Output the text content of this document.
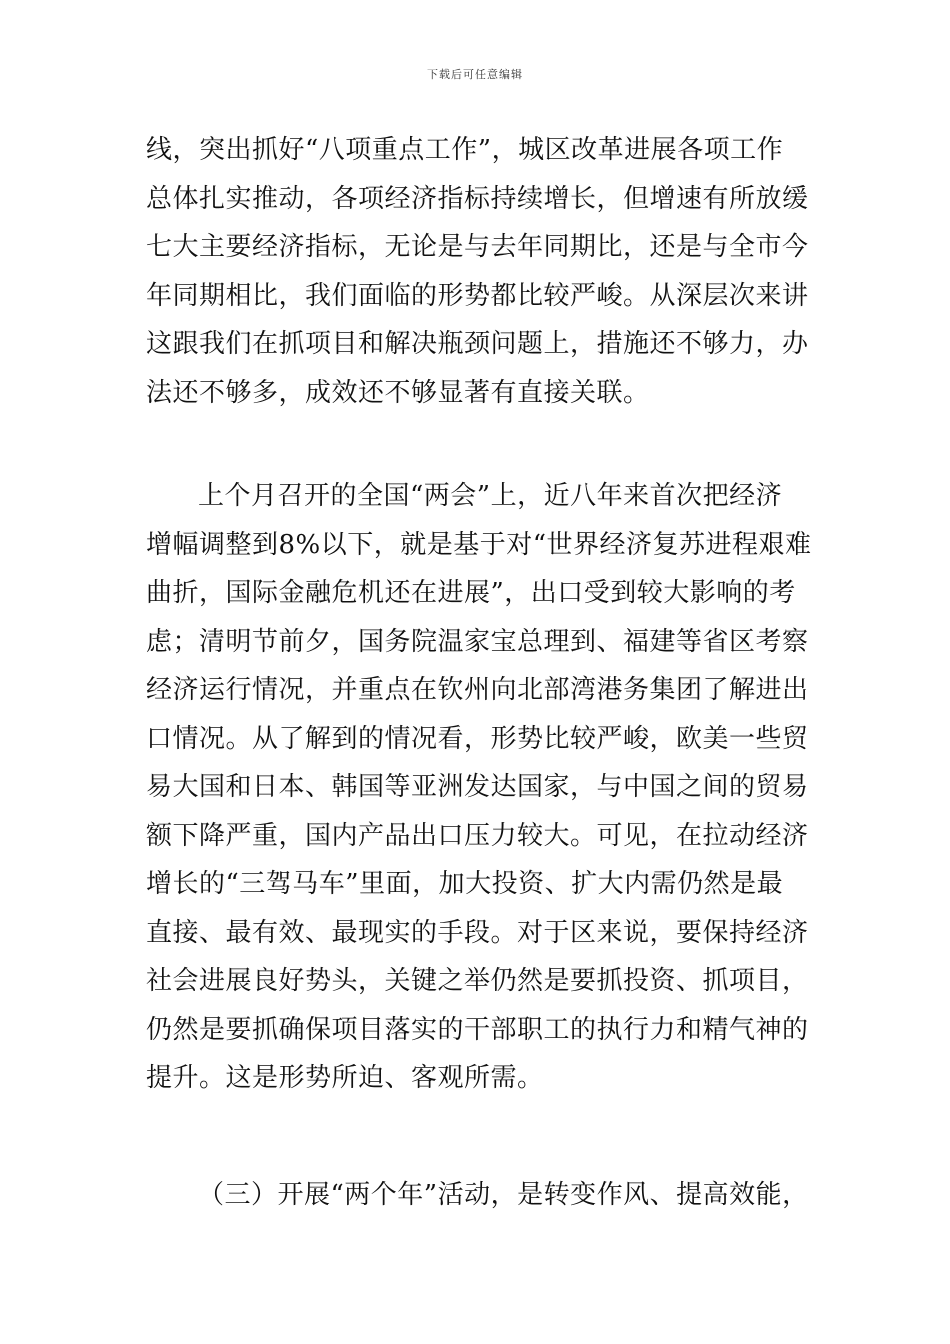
下载后可任意编辑
线，突出抓好“八项重点工作”，城区改革进展各项工作
总体扎实推动，各项经济指标持续增长，但增速有所放缓
七大主要经济指标，无论是与去年同期比，还是与全市今
年同期相比，我们面临的形势都比较严峻。从深层次来讲
这跟我们在抓项目和解决瓶颈问题上，措施还不够力，办
法还不够多，成效还不够显著有直接关联。
上个月召开的全国“两会”上，近八年来首次把经济
增幅调整到8%以下，就是基于对“世界经济复苏进程艰难
曲折，国际金融危机还在进展”，出口受到较大影响的考
虑；清明节前夕，国务院温家宝总理到、福建等省区考察
经济运行情况，并重点在钦州向北部湾港务集团了解进出
口情况。从了解到的情况看，形势比较严峻，欧美一些贸
易大国和日本、韩国等亚洲发达国家，与中国之间的贸易
额下降严重，国内产品出口压力较大。可见，在拉动经济
增长的“三驾马车”里面，加大投资、扩大内需仍然是最
直接、最有效、最现实的手段。对于区来说，要保持经济
社会进展良好势头，关键之举仍然是要抓投资、抓项目，
仍然是要抓确保项目落实的干部职工的执行力和精气神的
提升。这是形势所迫、客观所需。
（三）开展“两个年”活动，是转变作风、提高效能，
